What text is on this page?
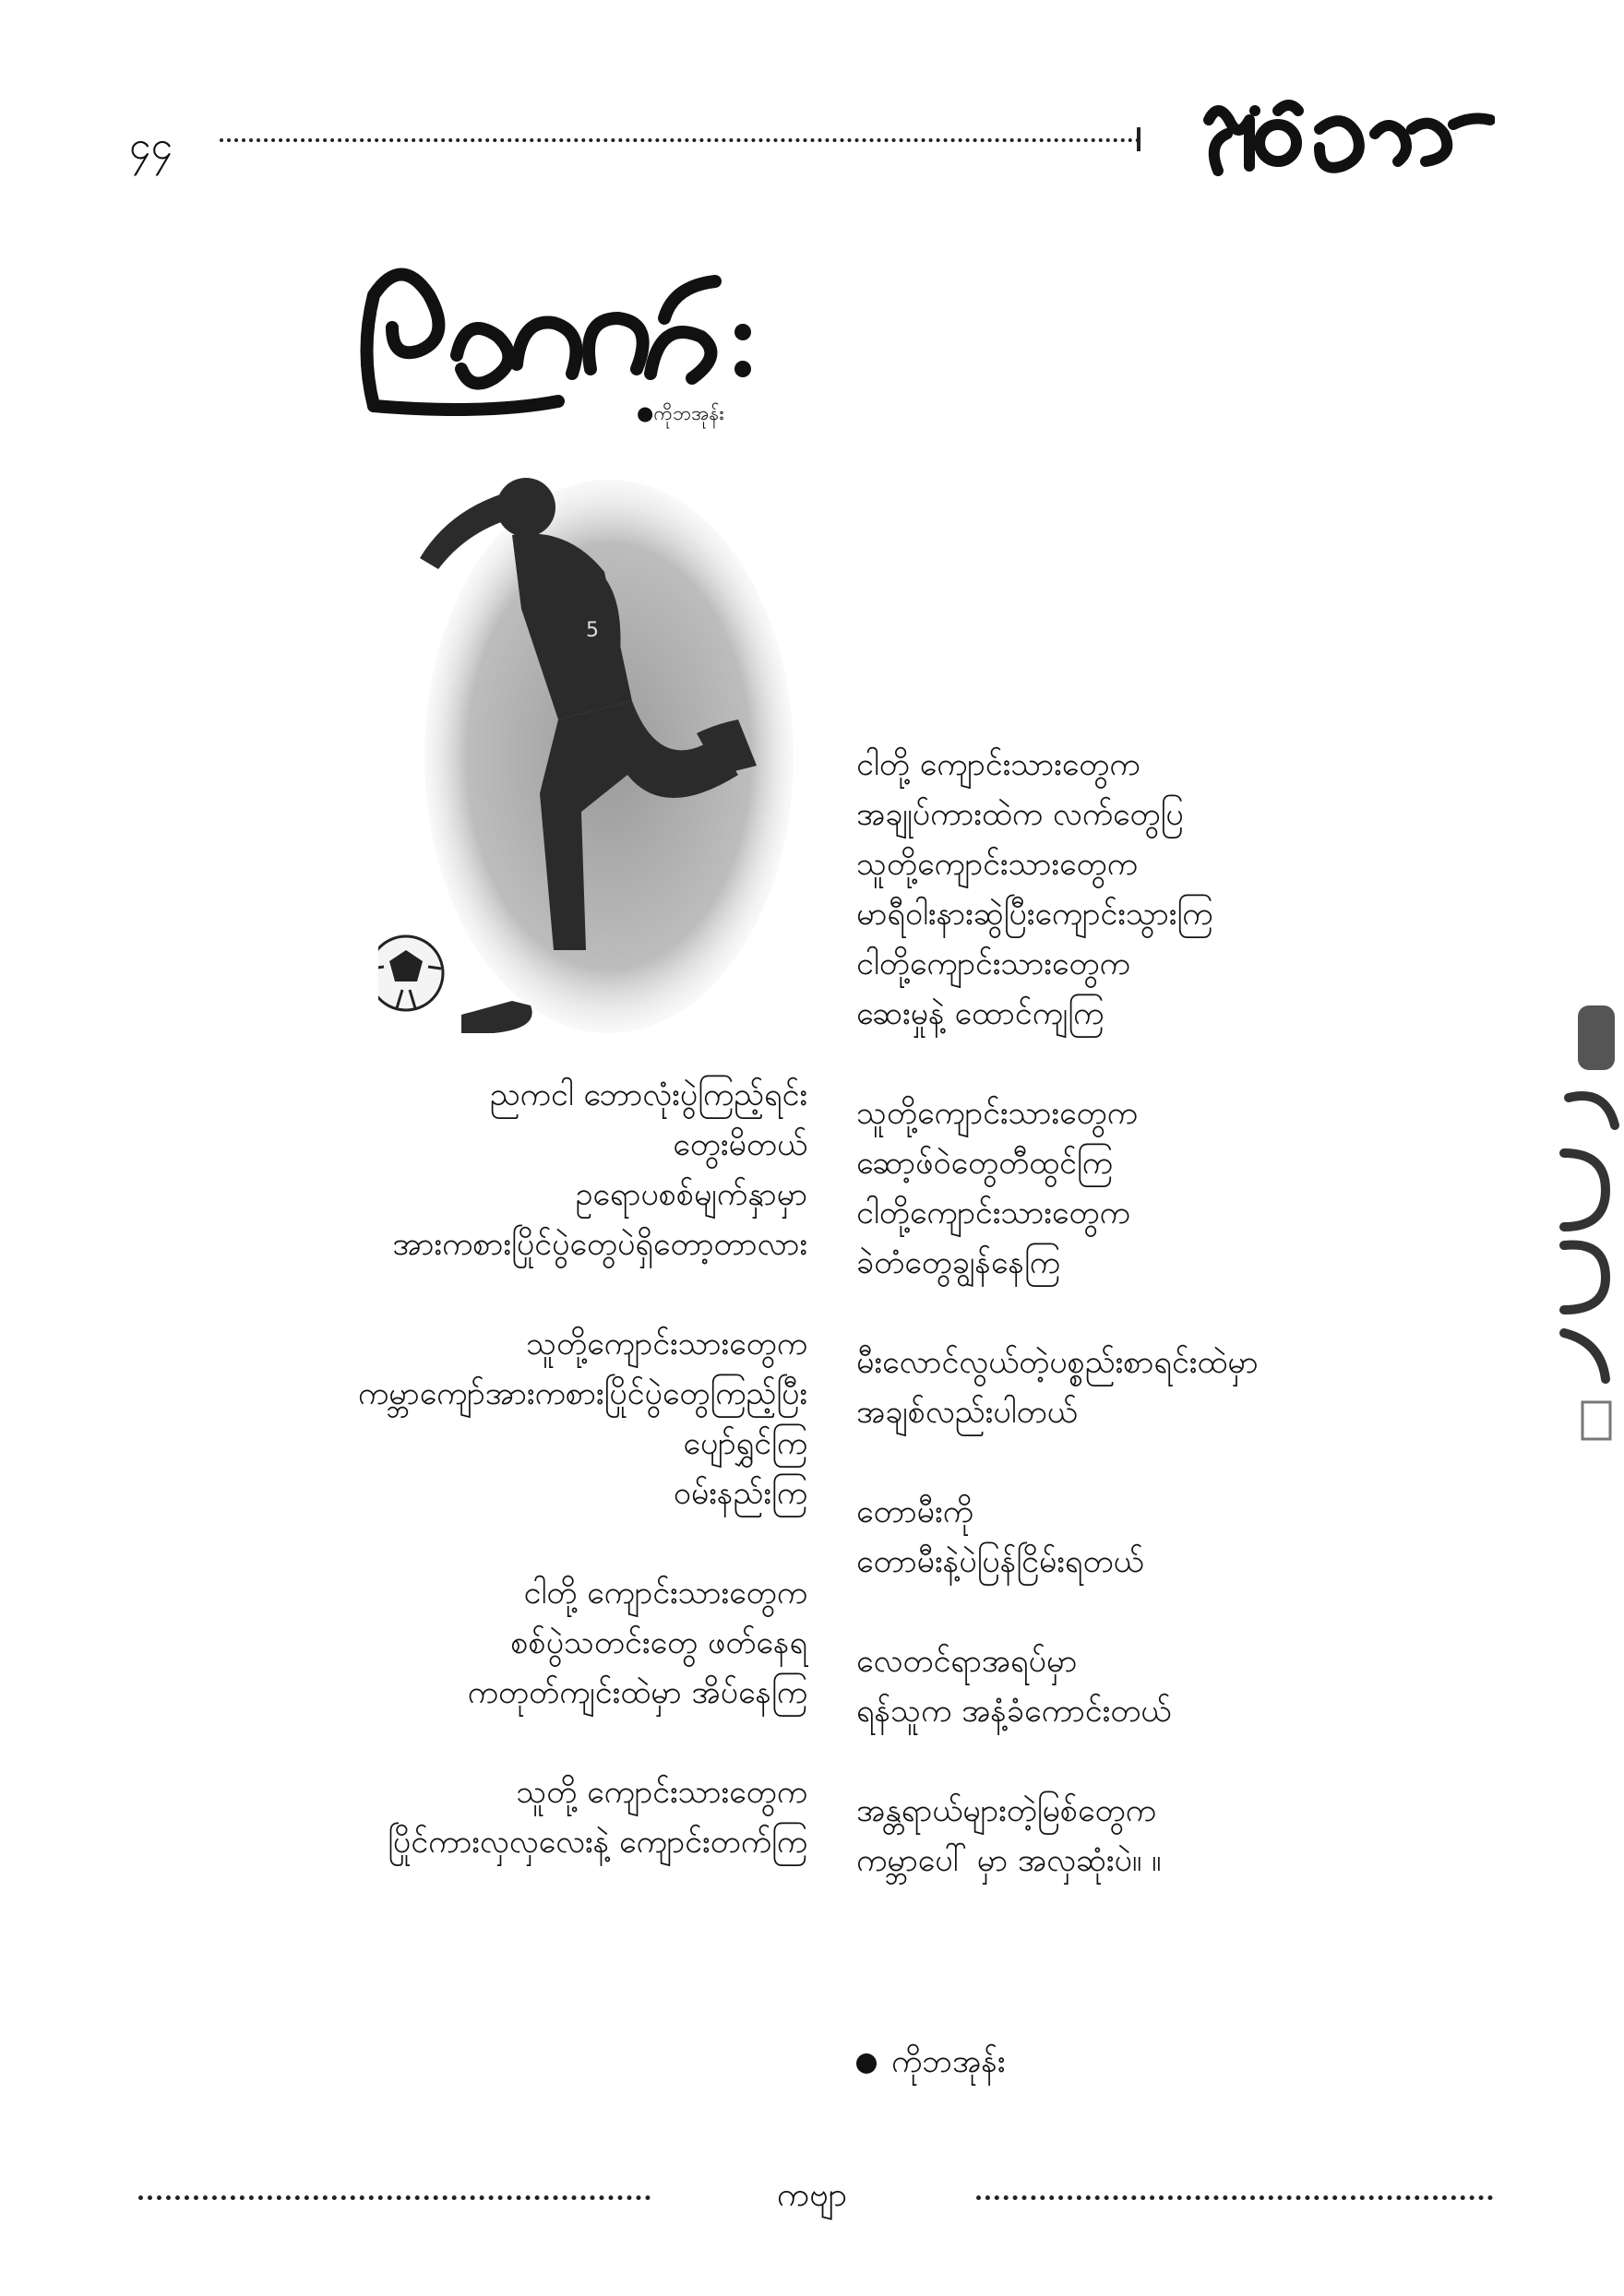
၄၄
●ကိုဘအုန်း
5

ညကငါ ဘောလုံးပွဲကြည့်ရင်း

တွေးမိတယ်

ဥရောပစစ်မျက်နှာမှာ

အားကစားပြိုင်ပွဲတွေပဲရှိတော့တာလား

သူတို့ကျောင်းသားတွေက

ကမ္ဘာကျော်အားကစားပြိုင်ပွဲတွေကြည့်ပြီး

ပျော်ရွှင်ကြ

ဝမ်းနည်းကြ

ငါတို့ ကျောင်းသားတွေက

စစ်ပွဲသတင်းတွေ ဖတ်နေရ

ကတုတ်ကျင်းထဲမှာ အိပ်နေကြ

သူတို့ ကျောင်းသားတွေက

ပြိုင်ကားလှလှလေးနဲ့ ကျောင်းတက်ကြ

ငါတို့ ကျောင်းသားတွေက

အချုပ်ကားထဲက လက်တွေပြ

သူတို့ကျောင်းသားတွေက

မာရီဝါးနားဆွဲပြီးကျောင်းသွားကြ

ငါတို့ကျောင်းသားတွေက

ဆေးမှုနဲ့ ထောင်ကျကြ

သူတို့ကျောင်းသားတွေက

ဆော့ဖ်ဝဲတွေတီထွင်ကြ

ငါတို့ကျောင်းသားတွေက

ခဲတံတွေချွန်နေကြ

မီးလောင်လွယ်တဲ့ပစ္စည်းစာရင်းထဲမှာ

အချစ်လည်းပါတယ်

တောမီးကို

တောမီးနဲ့ပဲပြန်ငြိမ်းရတယ်

လေတင်ရာအရပ်မှာ

ရန်သူက အနံ့ခံကောင်းတယ်

အန္တရာယ်များတဲ့မြစ်တွေက

ကမ္ဘာပေါ် မှာ အလှဆုံးပဲ။ ။

ကိုဘအုန်း
ကဗျာ
